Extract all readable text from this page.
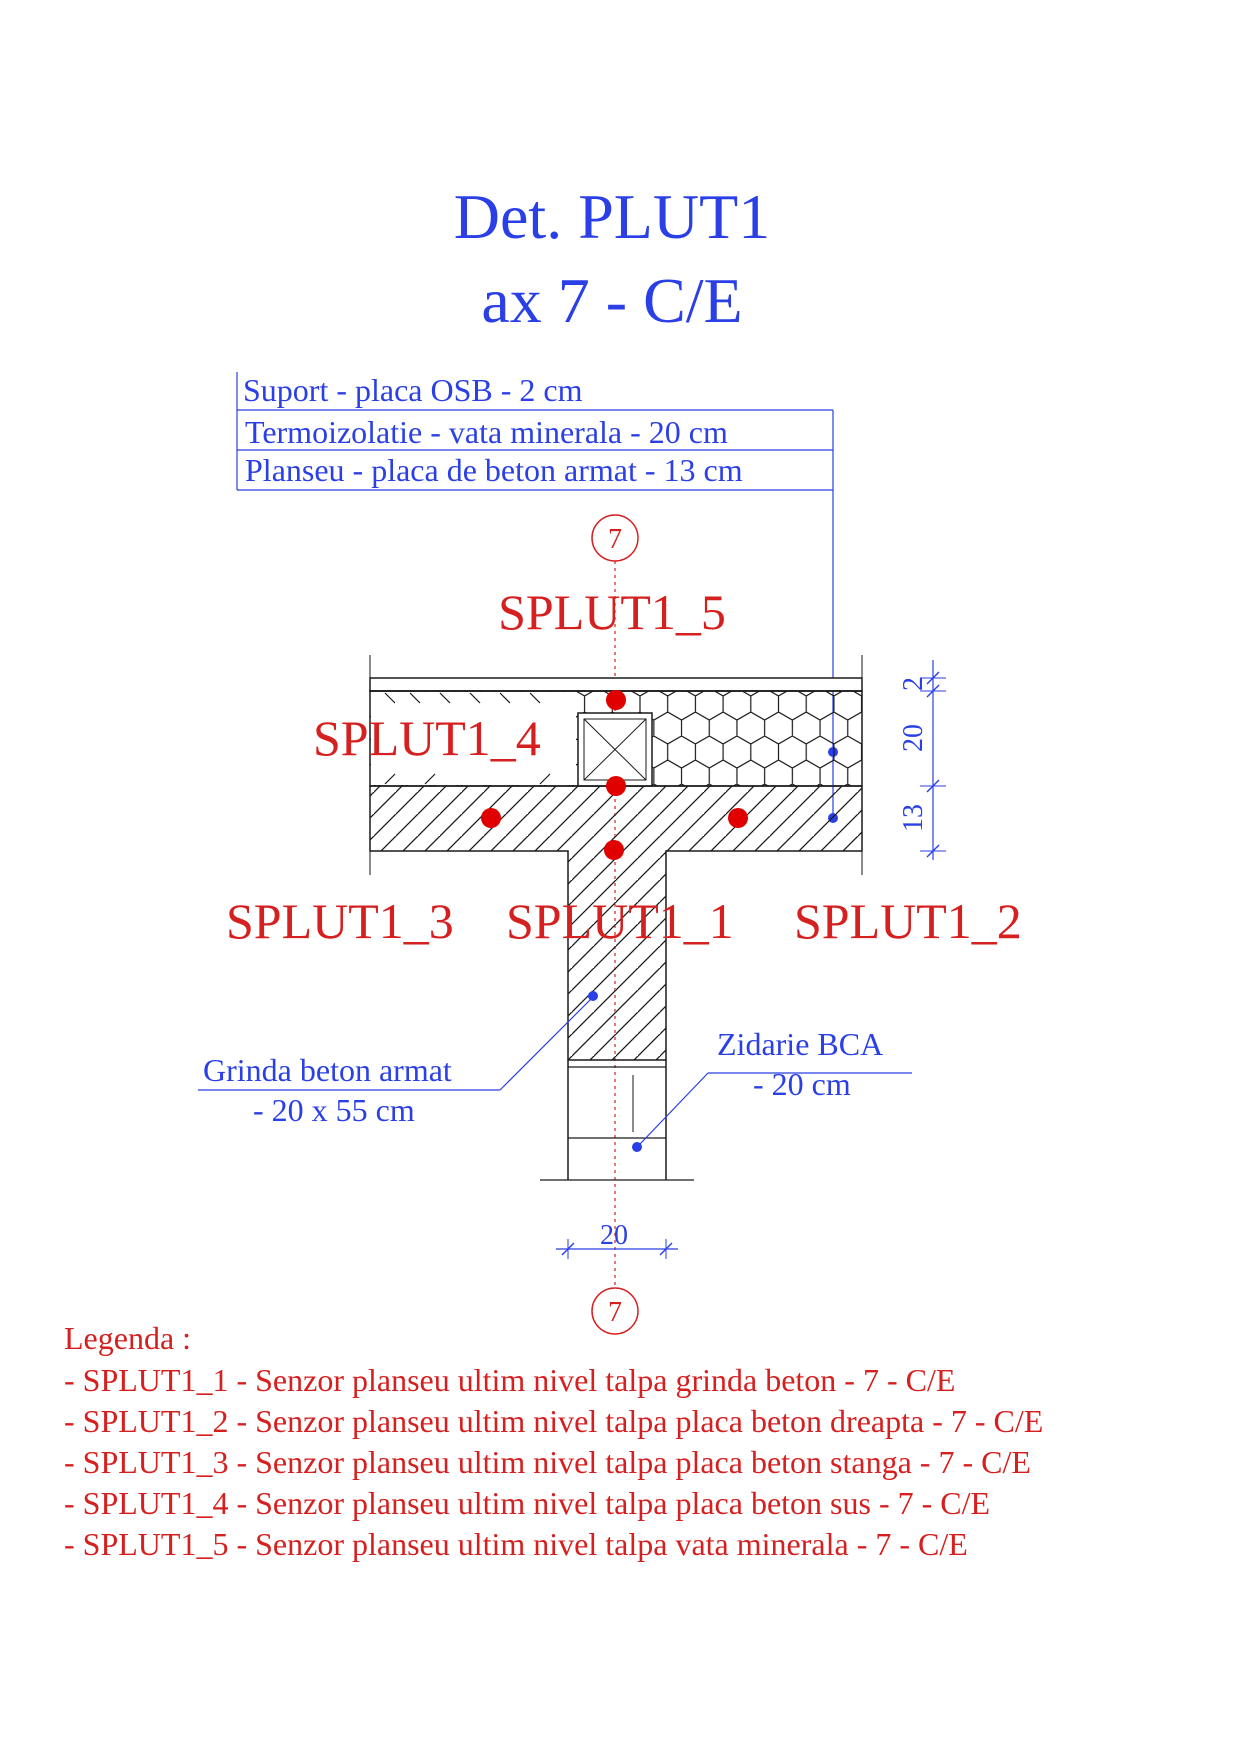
Det. PLUT1
ax 7 - C/E
Suport - placa OSB - 2 cm
Termoizolatie - vata minerala - 20 cm
Planseu - placa de beton armat - 13 cm
7
7
SPLUT1_5
SPLUT1_4
SPLUT1_3 SPLUT1_1 SPLUT1_2
2
20
13
20
Grinda beton armat
- 20 x 55 cm
Zidarie BCA
- 20 cm
Legenda :
- SPLUT1_1 - Senzor planseu ultim nivel talpa grinda beton - 7 - C/E
- SPLUT1_2 - Senzor planseu ultim nivel talpa placa beton dreapta - 7 - C/E
- SPLUT1_3 - Senzor planseu ultim nivel talpa placa beton stanga - 7 - C/E
- SPLUT1_4 - Senzor planseu ultim nivel talpa placa beton sus - 7 - C/E
- SPLUT1_5 - Senzor planseu ultim nivel talpa vata minerala - 7 - C/E
